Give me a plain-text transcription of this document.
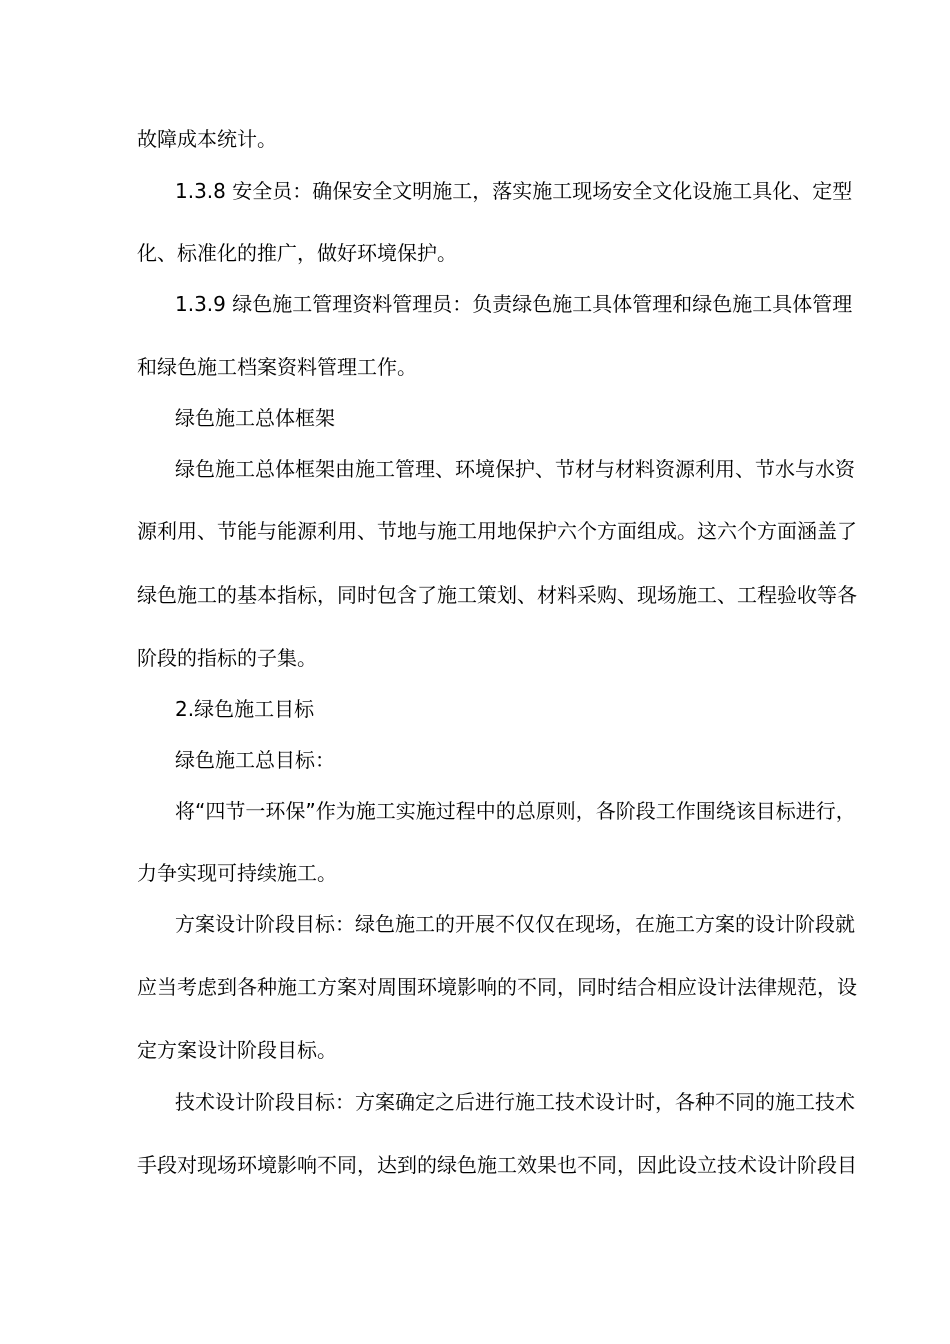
故障成本统计。
1.3.8 安全员：确保安全文明施工，落实施工现场安全文化设施工具化、定型
化、标准化的推广，做好环境保护。
1.3.9 绿色施工管理资料管理员：负责绿色施工具体管理和绿色施工具体管理
和绿色施工档案资料管理工作。
绿色施工总体框架
绿色施工总体框架由施工管理、环境保护、节材与材料资源利用、节水与水资
源利用、节能与能源利用、节地与施工用地保护六个方面组成。这六个方面涵盖了
绿色施工的基本指标，同时包含了施工策划、材料采购、现场施工、工程验收等各
阶段的指标的子集。
2.绿色施工目标
绿色施工总目标：
将“四节一环保”作为施工实施过程中的总原则，各阶段工作围绕该目标进行，
力争实现可持续施工。
方案设计阶段目标：绿色施工的开展不仅仅在现场，在施工方案的设计阶段就
应当考虑到各种施工方案对周围环境影响的不同，同时结合相应设计法律规范，设
定方案设计阶段目标。
技术设计阶段目标：方案确定之后进行施工技术设计时，各种不同的施工技术
手段对现场环境影响不同，达到的绿色施工效果也不同，因此设立技术设计阶段目
